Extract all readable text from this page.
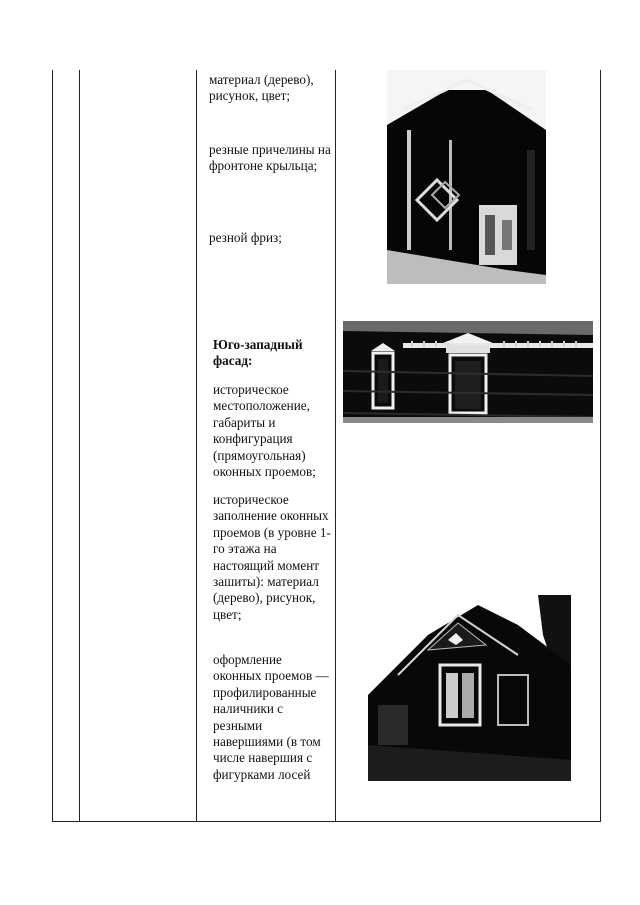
материал (дерево), рисунок, цвет;
резные причелины на фронтоне крыльца;
резной фриз;
Юго-западный фасад:
историческое местоположение, габариты и конфигурация (прямоугольная) оконных проемов;
историческое заполнение оконных проемов (в уровне 1-го этажа на настоящий момент зашиты): материал (дерево), рисунок, цвет;
оформление оконных проемов — профилированные наличники с резными навершиями (в том числе навершия с фигурками лосей
